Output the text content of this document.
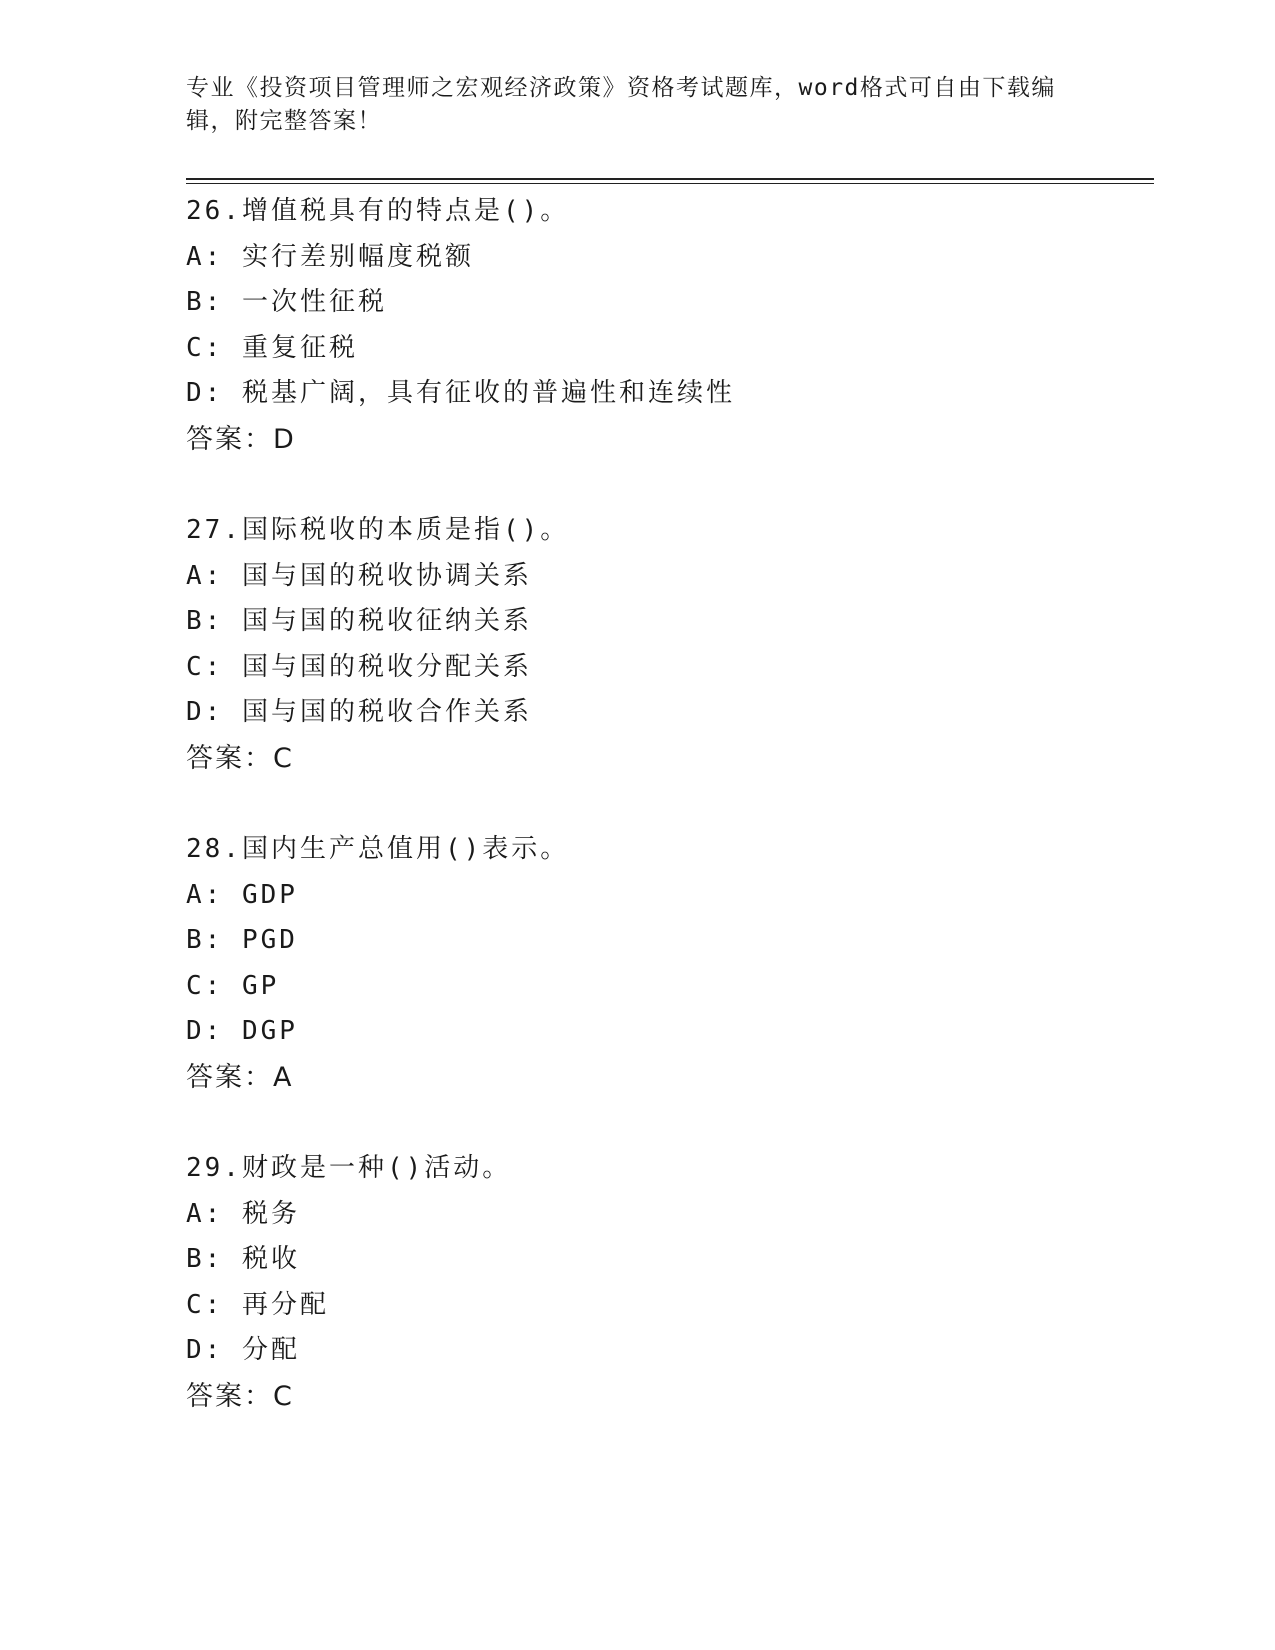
专业《投资项目管理师之宏观经济政策》资格考试题库，word格式可自由下载编
辑，附完整答案！
26.增值税具有的特点是()。
A: 实行差别幅度税额
B: 一次性征税
C: 重复征税
D: 税基广阔，具有征收的普遍性和连续性
答案：D
27.国际税收的本质是指()。
A: 国与国的税收协调关系
B: 国与国的税收征纳关系
C: 国与国的税收分配关系
D: 国与国的税收合作关系
答案：C
28.国内生产总值用()表示。
A: GDP
B: PGD
C: GP
D: DGP
答案：A
29.财政是一种()活动。
A: 税务
B: 税收
C: 再分配
D: 分配
答案：C
